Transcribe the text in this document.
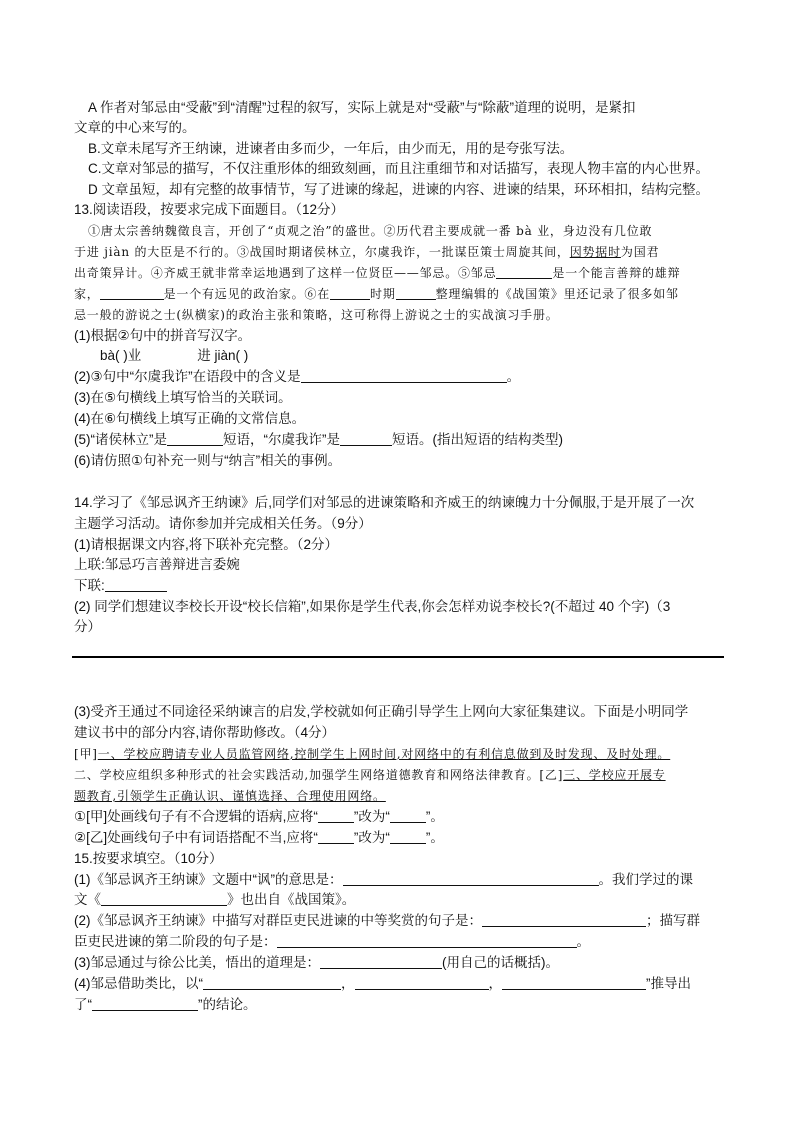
A 作者对邹忌由“受蔽”到“清醒”过程的叙写，实际上就是对“受蔽”与“除蔽”道理的说明，是紧扣
文章的中心来写的。
B.文章未尾写齐王纳谏，进谏者由多而少，一年后，由少而无，用的是夸张写法。
C.文章对邹忌的描写，不仅注重形体的细致刻画，而且注重细节和对话描写，表现人物丰富的内心世界。
D 文章虽短，却有完整的故事情节，写了进谏的缘起，进谏的内容、进谏的结果，环环相扣，结构完整。
13.阅读语段，按要求完成下面题目。（12分）
①唐太宗善纳魏徵良言，开创了“贞观之治”的盛世。②历代君主要成就一番 bà 业，身边没有几位敢
于进 jiàn 的大臣是不行的。③战国时期诸侯林立，尔虞我诈，一批谋臣策士周旋其间，因势据时为国君
出奇策异计。④齐威王就非常幸运地遇到了这样一位贤臣——邹忌。⑤邹忌	是一个能言善辩的雄辩
家，	是一个有远见的政治家。⑥在	时期	整理编辑的《战国策》里还记录了很多如邹
忌一般的游说之士(纵横家)的政治主张和策略，这可称得上游说之士的实战演习手册。
(1)根据②句中的拼音写汉字。
bà( )业	进 jiàn( )
(2)③句中“尔虞我诈”在语段中的含义是	。
(3)在⑤句横线上填写恰当的关联词。
(4)在⑥句横线上填写正确的文常信息。
(5)“诸侯林立”是	短语，“尔虞我诈”是	短语。(指出短语的结构类型)
(6)请仿照①句补充一则与“纳言”相关的事例。
14.学习了《邹忌讽齐王纳谏》后,同学们对邹忌的进谏策略和齐威王的纳谏魄力十分佩服,于是开展了一次
主题学习活动。请你参加并完成相关任务。（9分）
(1)请根据课文内容,将下联补充完整。（2分）
上联:邹忌巧言善辩进言委婉
下联:
(2) 同学们想建议李校长开设“校长信箱”,如果你是学生代表,你会怎样劝说李校长?(不超过 40 个字)（3
分）
(3)受齐王通过不同途径采纳谏言的启发,学校就如何正确引导学生上网向大家征集建议。下面是小明同学
建议书中的部分内容,请你帮助修改。（4分）
[甲]一、学校应聘请专业人员监管网络,控制学生上网时间,对网络中的有利信息做到及时发现、及时处理。
二、学校应组织多种形式的社会实践活动,加强学生网络道德教育和网络法律教育。[乙]三、学校应开展专
题教育,引领学生正确认识、谨慎选择、合理使用网络。
①[甲]处画线句子有不合逻辑的语病,应将“	”改为“	”。
②[乙]处画线句子中有词语搭配不当,应将“	”改为“	”。
15.按要求填空。（10分）
(1)《邹忌讽齐王纳谏》文题中“讽”的意思是：	。我们学过的课
文《	》也出自《战国策》。
(2)《邹忌讽齐王纳谏》中描写对群臣吏民进谏的中等奖赏的句子是：	；描写群
臣吏民进谏的第二阶段的句子是：	。
(3)邹忌通过与徐公比美，悟出的道理是：	(用自己的话概括)。
(4)邹忌借助类比，以“	，	，	”推导出
了“	”的结论。
